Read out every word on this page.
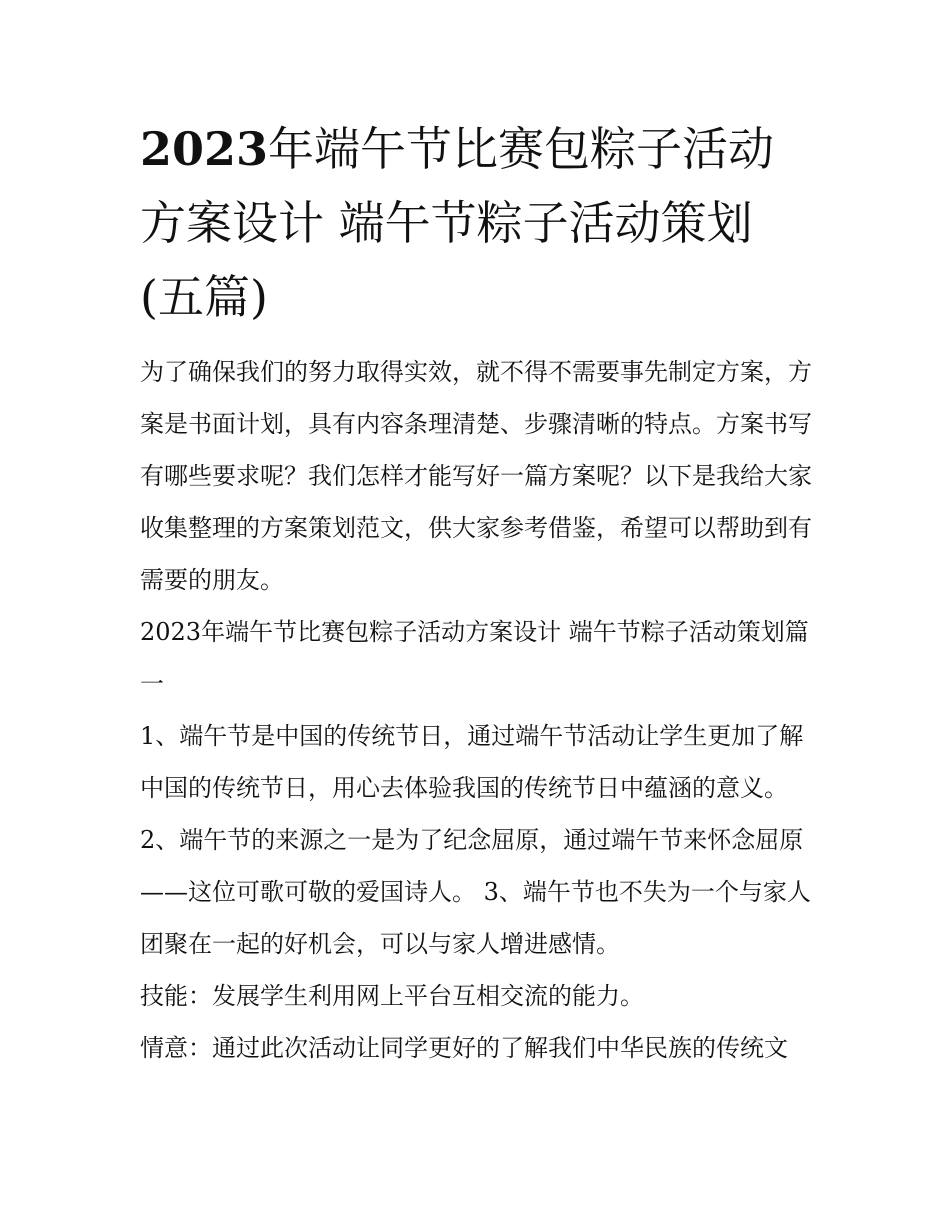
2023年端午节比赛包粽子活动方案设计 端午节粽子活动策划(五篇)

为了确保我们的努力取得实效，就不得不需要事先制定方案，方案是书面计划，具有内容条理清楚、步骤清晰的特点。方案书写有哪些要求呢？我们怎样才能写好一篇方案呢？以下是我给大家收集整理的方案策划范文，供大家参考借鉴，希望可以帮助到有需要的朋友。

2023年端午节比赛包粽子活动方案设计 端午节粽子活动策划篇一

1、端午节是中国的传统节日，通过端午节活动让学生更加了解中国的传统节日，用心去体验我国的传统节日中蕴涵的意义。

2、端午节的来源之一是为了纪念屈原，通过端午节来怀念屈原——这位可歌可敬的爱国诗人。 3、端午节也不失为一个与家人团聚在一起的好机会，可以与家人增进感情。

技能：发展学生利用网上平台互相交流的能力。

情意：通过此次活动让同学更好的了解我们中华民族的传统文
